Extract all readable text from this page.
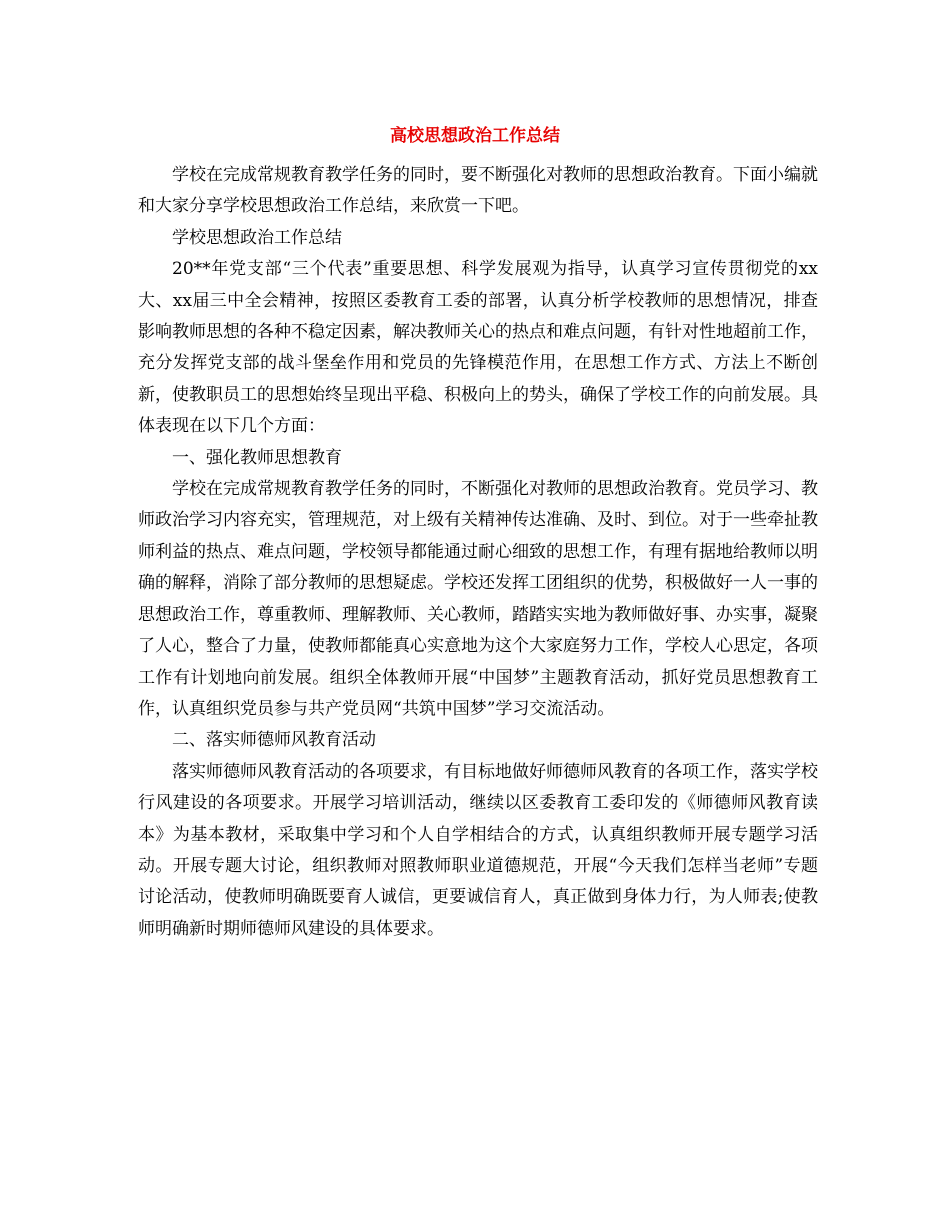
高校思想政治工作总结

学校在完成常规教育教学任务的同时，要不断强化对教师的思想政治教育。下面小编就和大家分享学校思想政治工作总结，来欣赏一下吧。

学校思想政治工作总结

20**年党支部“三个代表”重要思想、科学发展观为指导，认真学习宣传贯彻党的xx大、xx届三中全会精神，按照区委教育工委的部署，认真分析学校教师的思想情况，排查影响教师思想的各种不稳定因素，解决教师关心的热点和难点问题，有针对性地超前工作，充分发挥党支部的战斗堡垒作用和党员的先锋模范作用，在思想工作方式、方法上不断创新，使教职员工的思想始终呈现出平稳、积极向上的势头，确保了学校工作的向前发展。具体表现在以下几个方面：

一、强化教师思想教育

学校在完成常规教育教学任务的同时，不断强化对教师的思想政治教育。党员学习、教师政治学习内容充实，管理规范，对上级有关精神传达准确、及时、到位。对于一些牵扯教师利益的热点、难点问题，学校领导都能通过耐心细致的思想工作，有理有据地给教师以明确的解释，消除了部分教师的思想疑虑。学校还发挥工团组织的优势，积极做好一人一事的思想政治工作，尊重教师、理解教师、关心教师，踏踏实实地为教师做好事、办实事，凝聚了人心，整合了力量，使教师都能真心实意地为这个大家庭努力工作，学校人心思定，各项工作有计划地向前发展。组织全体教师开展“中国梦”主题教育活动，抓好党员思想教育工作，认真组织党员参与共产党员网“共筑中国梦”学习交流活动。

二、落实师德师风教育活动

落实师德师风教育活动的各项要求，有目标地做好师德师风教育的各项工作，落实学校行风建设的各项要求。开展学习培训活动，继续以区委教育工委印发的《师德师风教育读本》为基本教材，采取集中学习和个人自学相结合的方式，认真组织教师开展专题学习活动。开展专题大讨论，组织教师对照教师职业道德规范，开展“今天我们怎样当老师”专题讨论活动，使教师明确既要育人诚信，更要诚信育人，真正做到身体力行，为人师表;使教师明确新时期师德师风建设的具体要求。
